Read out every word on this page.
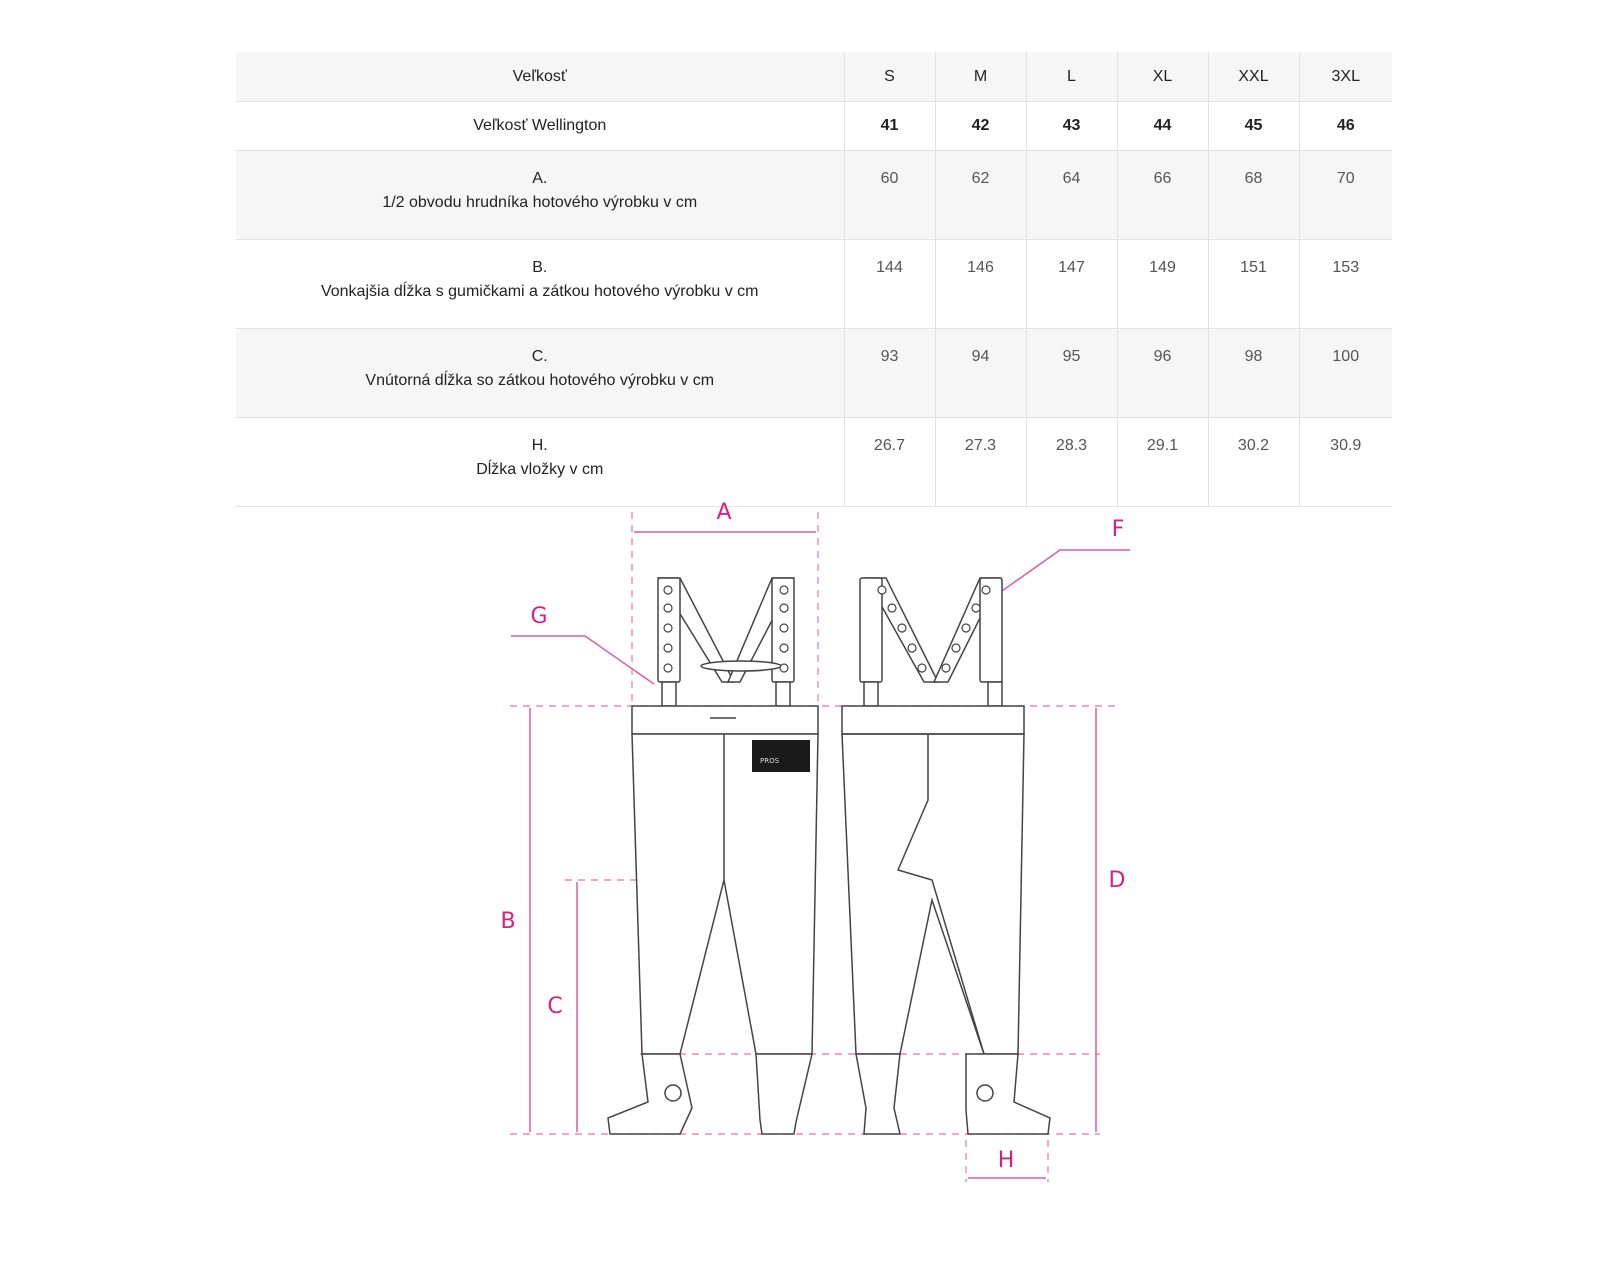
Veľkosť	S	M	L	XL	XXL	3XL
Veľkosť Wellington	41	42	43	44	45	46

A.
1/2 obvodu hrudníka hotového výrobku v cm	60	62	64	66	68	70

B.
Vonkajšia dĺžka s gumičkami a zátkou hotového výrobku v cm	144	146	147	149	151	153

C.
Vnútorná dĺžka so zátkou hotového výrobku v cm	93	94	95	96	98	100

H.
Dĺžka vložky v cm	26.7	27.3	28.3	29.1	30.2	30.9
A
F
G
B
C
D
H
PROS
